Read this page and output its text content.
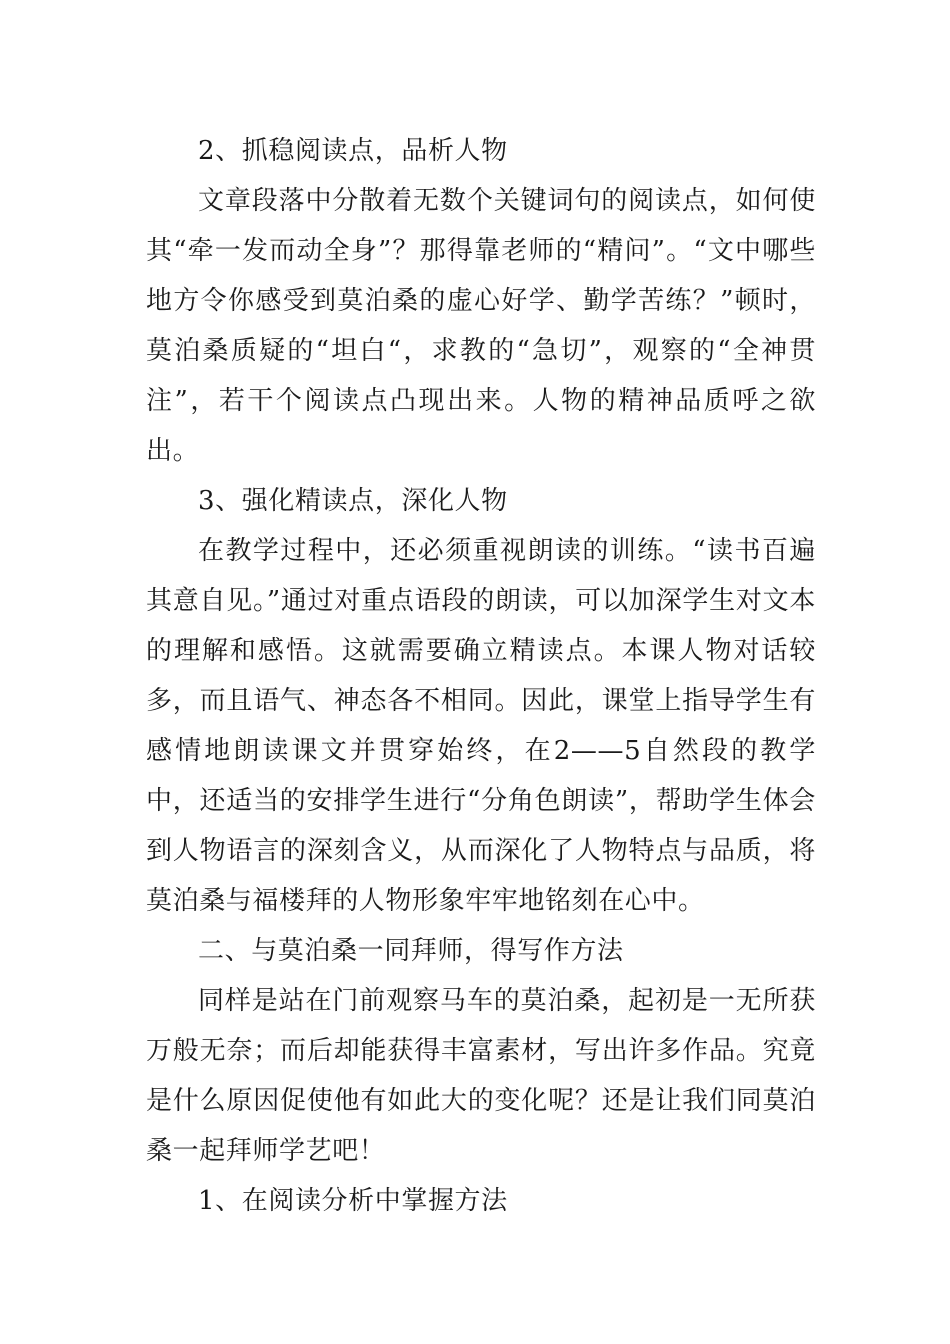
2、抓稳阅读点，品析人物

文章段落中分散着无数个关键词句的阅读点，如何使其“牵一发而动全身”？那得靠老师的“精问”。“文中哪些地方令你感受到莫泊桑的虚心好学、勤学苦练？”顿时，莫泊桑质疑的“坦白“，求教的“急切”，观察的“全神贯注”，若干个阅读点凸现出来。人物的精神品质呼之欲出。

3、强化精读点，深化人物

在教学过程中，还必须重视朗读的训练。“读书百遍其意自见。”通过对重点语段的朗读，可以加深学生对文本的理解和感悟。这就需要确立精读点。本课人物对话较多，而且语气、神态各不相同。因此，课堂上指导学生有感情地朗读课文并贯穿始终，在2——5自然段的教学中，还适当的安排学生进行“分角色朗读”，帮助学生体会到人物语言的深刻含义，从而深化了人物特点与品质，将莫泊桑与福楼拜的人物形象牢牢地铭刻在心中。

二、与莫泊桑一同拜师，得写作方法

同样是站在门前观察马车的莫泊桑，起初是一无所获万般无奈；而后却能获得丰富素材，写出许多作品。究竟是什么原因促使他有如此大的变化呢？还是让我们同莫泊桑一起拜师学艺吧！

1、在阅读分析中掌握方法
